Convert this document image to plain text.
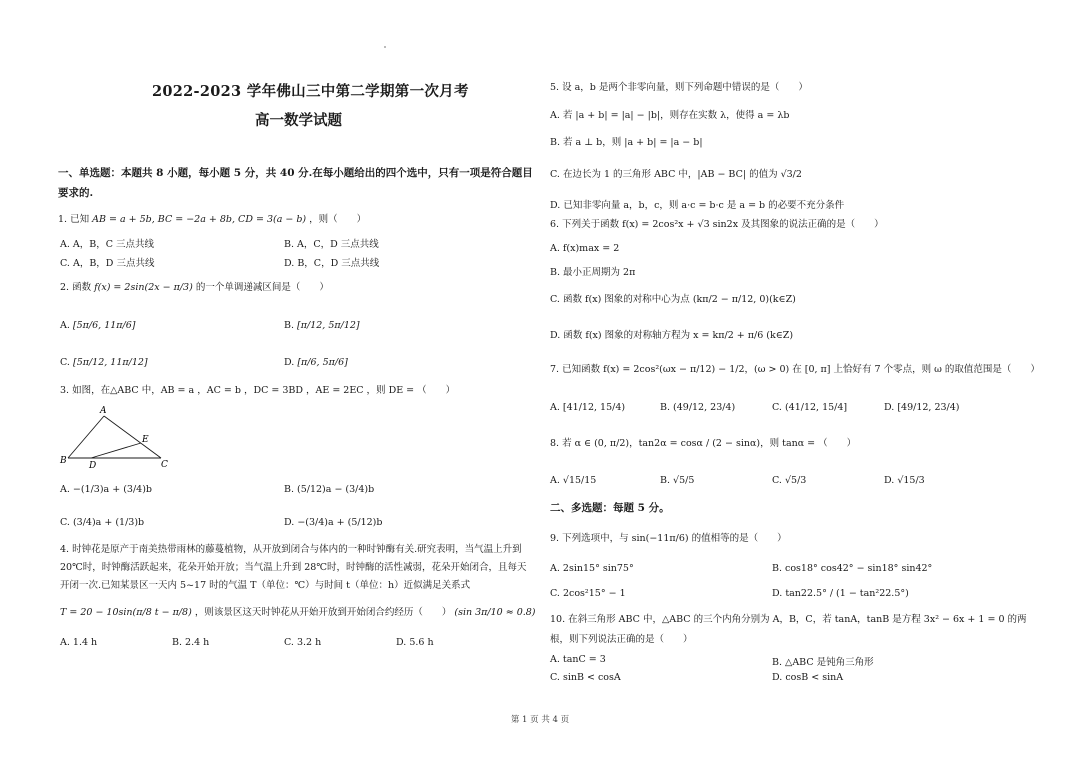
2022-2023 学年佛山三中第二学期第一次月考
高一数学试题
一、单选题：本题共 8 小题，每小题 5 分，共 40 分.在每小题给出的四个选中，只有一项是符合题目要求的.
1. 已知 AB = a + 5b, BC = −2a + 8b, CD = 3(a − b) ，则（　　）
A. A，B，C 三点共线	B. A，C，D 三点共线
C. A，B，D 三点共线	D. B，C，D 三点共线
2. 函数 f(x) = 2sin(2x − π/3) 的一个单调递减区间是（　　）
A. [5π/6, 11π/6]	B. [π/12, 5π/12]
C. [5π/12, 11π/12]	D. [π/6, 5π/6]
3. 如图，在△ABC 中，AB = a ，AC = b ，DC = 3BD ，AE = 2EC ，则 DE = （　　）
A
B	C
D
E
A. −(1/3)a + (3/4)b	B. (5/12)a − (3/4)b
C. (3/4)a + (1/3)b	D. −(3/4)a + (5/12)b
4. 时钟花是原产于南美热带雨林的藤蔓植物，从开放到闭合与体内的一种时钟酶有关.研究表明，当气温上升到
20℃时，时钟酶活跃起来，花朵开始开放；当气温上升到 28℃时，时钟酶的活性减弱，花朵开始闭合，且每天
开闭一次.已知某景区一天内 5~17 时的气温 T（单位：℃）与时间 t（单位：h）近似满足关系式
T = 20 − 10sin(π/8 t − π/8) ，则该景区这天时钟花从开始开放到开始闭合约经历（　　） (sin 3π/10 ≈ 0.8)
A. 1.4 h	B. 2.4 h	C. 3.2 h	D. 5.6 h
5. 设 a，b 是两个非零向量，则下列命题中错误的是（　　）
A. 若 |a + b| = |a| − |b|，则存在实数 λ，使得 a = λb
B. 若 a ⊥ b，则 |a + b| = |a − b|
C. 在边长为 1 的三角形 ABC 中，|AB − BC| 的值为 √3/2
D. 已知非零向量 a，b，c，则 a·c = b·c 是 a = b 的必要不充分条件
6. 下列关于函数 f(x) = 2cos²x + √3 sin2x 及其图象的说法正确的是（　　）
A. f(x)max = 2
B. 最小正周期为 2π
C. 函数 f(x) 图象的对称中心为点 (kπ/2 − π/12, 0)(k∈Z)
D. 函数 f(x) 图象的对称轴方程为 x = kπ/2 + π/6 (k∈Z)
7. 已知函数 f(x) = 2cos²(ωx − π/12) − 1/2，(ω > 0) 在 [0, π] 上恰好有 7 个零点，则 ω 的取值范围是（　　）
A. [41/12, 15/4)	B. (49/12, 23/4)	C. (41/12, 15/4]	D. [49/12, 23/4)
8. 若 α ∈ (0, π/2)，tan2α = cosα / (2 − sinα)，则 tanα = （　　）
A. √15/15	B. √5/5	C. √5/3	D. √15/3
二、多选题：每题 5 分。
9. 下列选项中，与 sin(−11π/6) 的值相等的是（　　）
A. 2sin15° sin75°	B. cos18° cos42° − sin18° sin42°
C. 2cos²15° − 1	D. tan22.5° / (1 − tan²22.5°)
10. 在斜三角形 ABC 中，△ABC 的三个内角分别为 A，B，C，若 tanA，tanB 是方程 3x² − 6x + 1 = 0 的两
根，则下列说法正确的是（　　）
A. tanC = 3	B. △ABC 是钝角三角形
C. sinB < cosA	D. cosB < sinA
第 1 页 共 4 页
